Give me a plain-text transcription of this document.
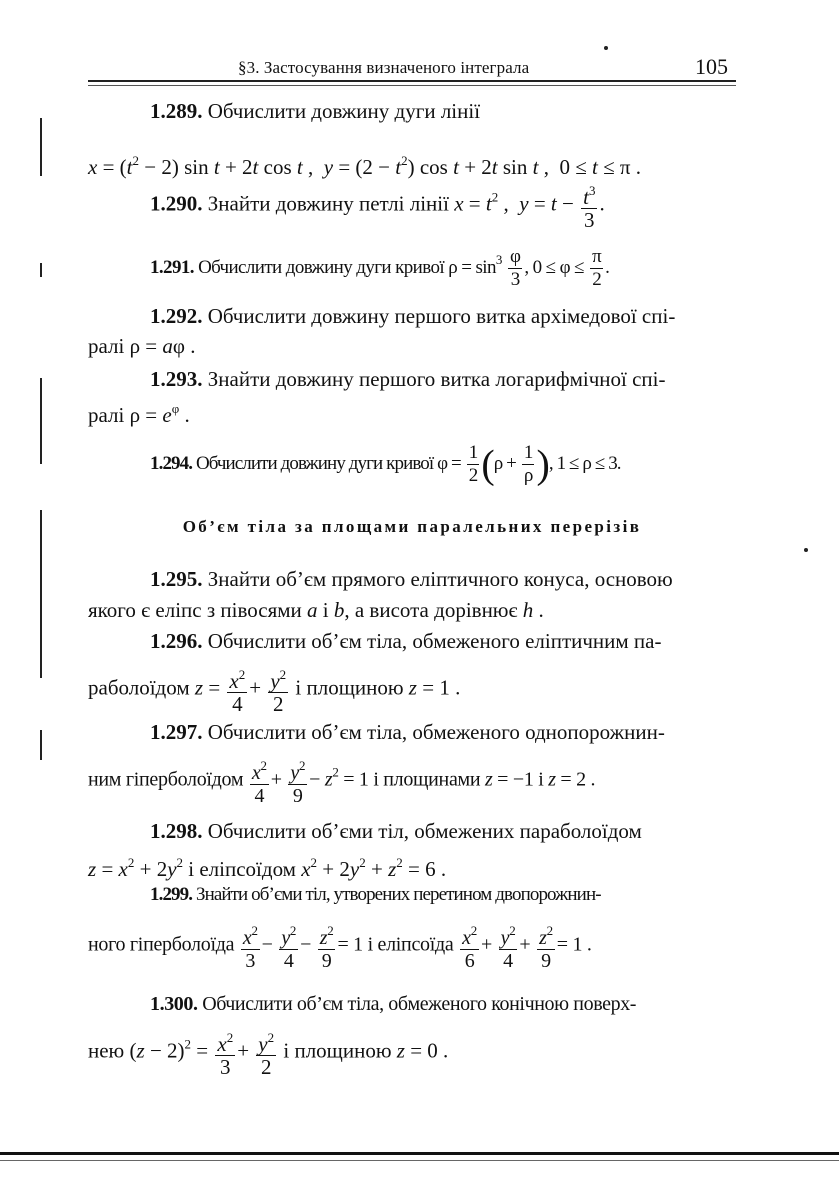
§3. Застосування визначеного інтеграла	105
1.289. Обчислити довжину дуги лінії
$x = (t^2 - 2)$ sin t + 2t cos t ,  $y = (2 - t^2)$ cos t + 2t sin t ,  0 ≤ t ≤ π .
1.290. Знайти довжину петлі лінії $x = t^2$ ,  $y = t - \frac{t^3}{3}$ .
1.291. Обчислити довжину дуги кривої $\rho = \sin^3 \frac{\varphi}{3}$ , $0 \le \varphi \le \frac{\pi}{2}$ .
1.292. Обчислити довжину першого витка архімедової спі-
ралі ρ = aφ .
1.293. Знайти довжину першого витка логарифмічної спі-
ралі $\rho = e^\varphi$ .
1.294. Обчислити довжину дуги кривої $\varphi = \frac{1}{2} (\rho + \frac{1}{\rho}$ ), 1 ≤ ρ ≤ 3.
Об’єм тіла за площами паралельних перерізів
1.295. Знайти об’єм прямого еліптичного конуса, основою
якого є еліпс з півосями a і b, а висота дорівнює h .
1.296. Обчислити об’єм тіла, обмеженого еліптичним па-
раболоїдом $z = \frac{x^2}{4} + \frac{y^2}{2}$ і площиною z = 1 .
1.297. Обчислити об’єм тіла, обмеженого однопорожнин-
ним гіперболоїдом $\frac{x^2}{4} + \frac{y^2}{9} - z^2 = 1$ і площинами z = −1 і z = 2 .
1.298. Обчислити об’єми тіл, обмежених параболоїдом
$z = x^2 + 2y^2$ і еліпсоїдом $x^2 + 2y^2 + z^2 = 6$ .
1.299. Знайти об’єми тіл, утворених перетином двопорожнин-
ного гіперболоїда $\frac{x^2}{3} - \frac{y^2}{4} - \frac{z^2}{9} = 1$ і еліпсоїда $\frac{x^2}{6} + \frac{y^2}{4} + \frac{z^2}{9} = 1$ .
1.300. Обчислити об’єм тіла, обмеженого конічною поверх-
нею $(z - 2)^2 = \frac{x^2}{3} + \frac{y^2}{2}$ і площиною z = 0 .
